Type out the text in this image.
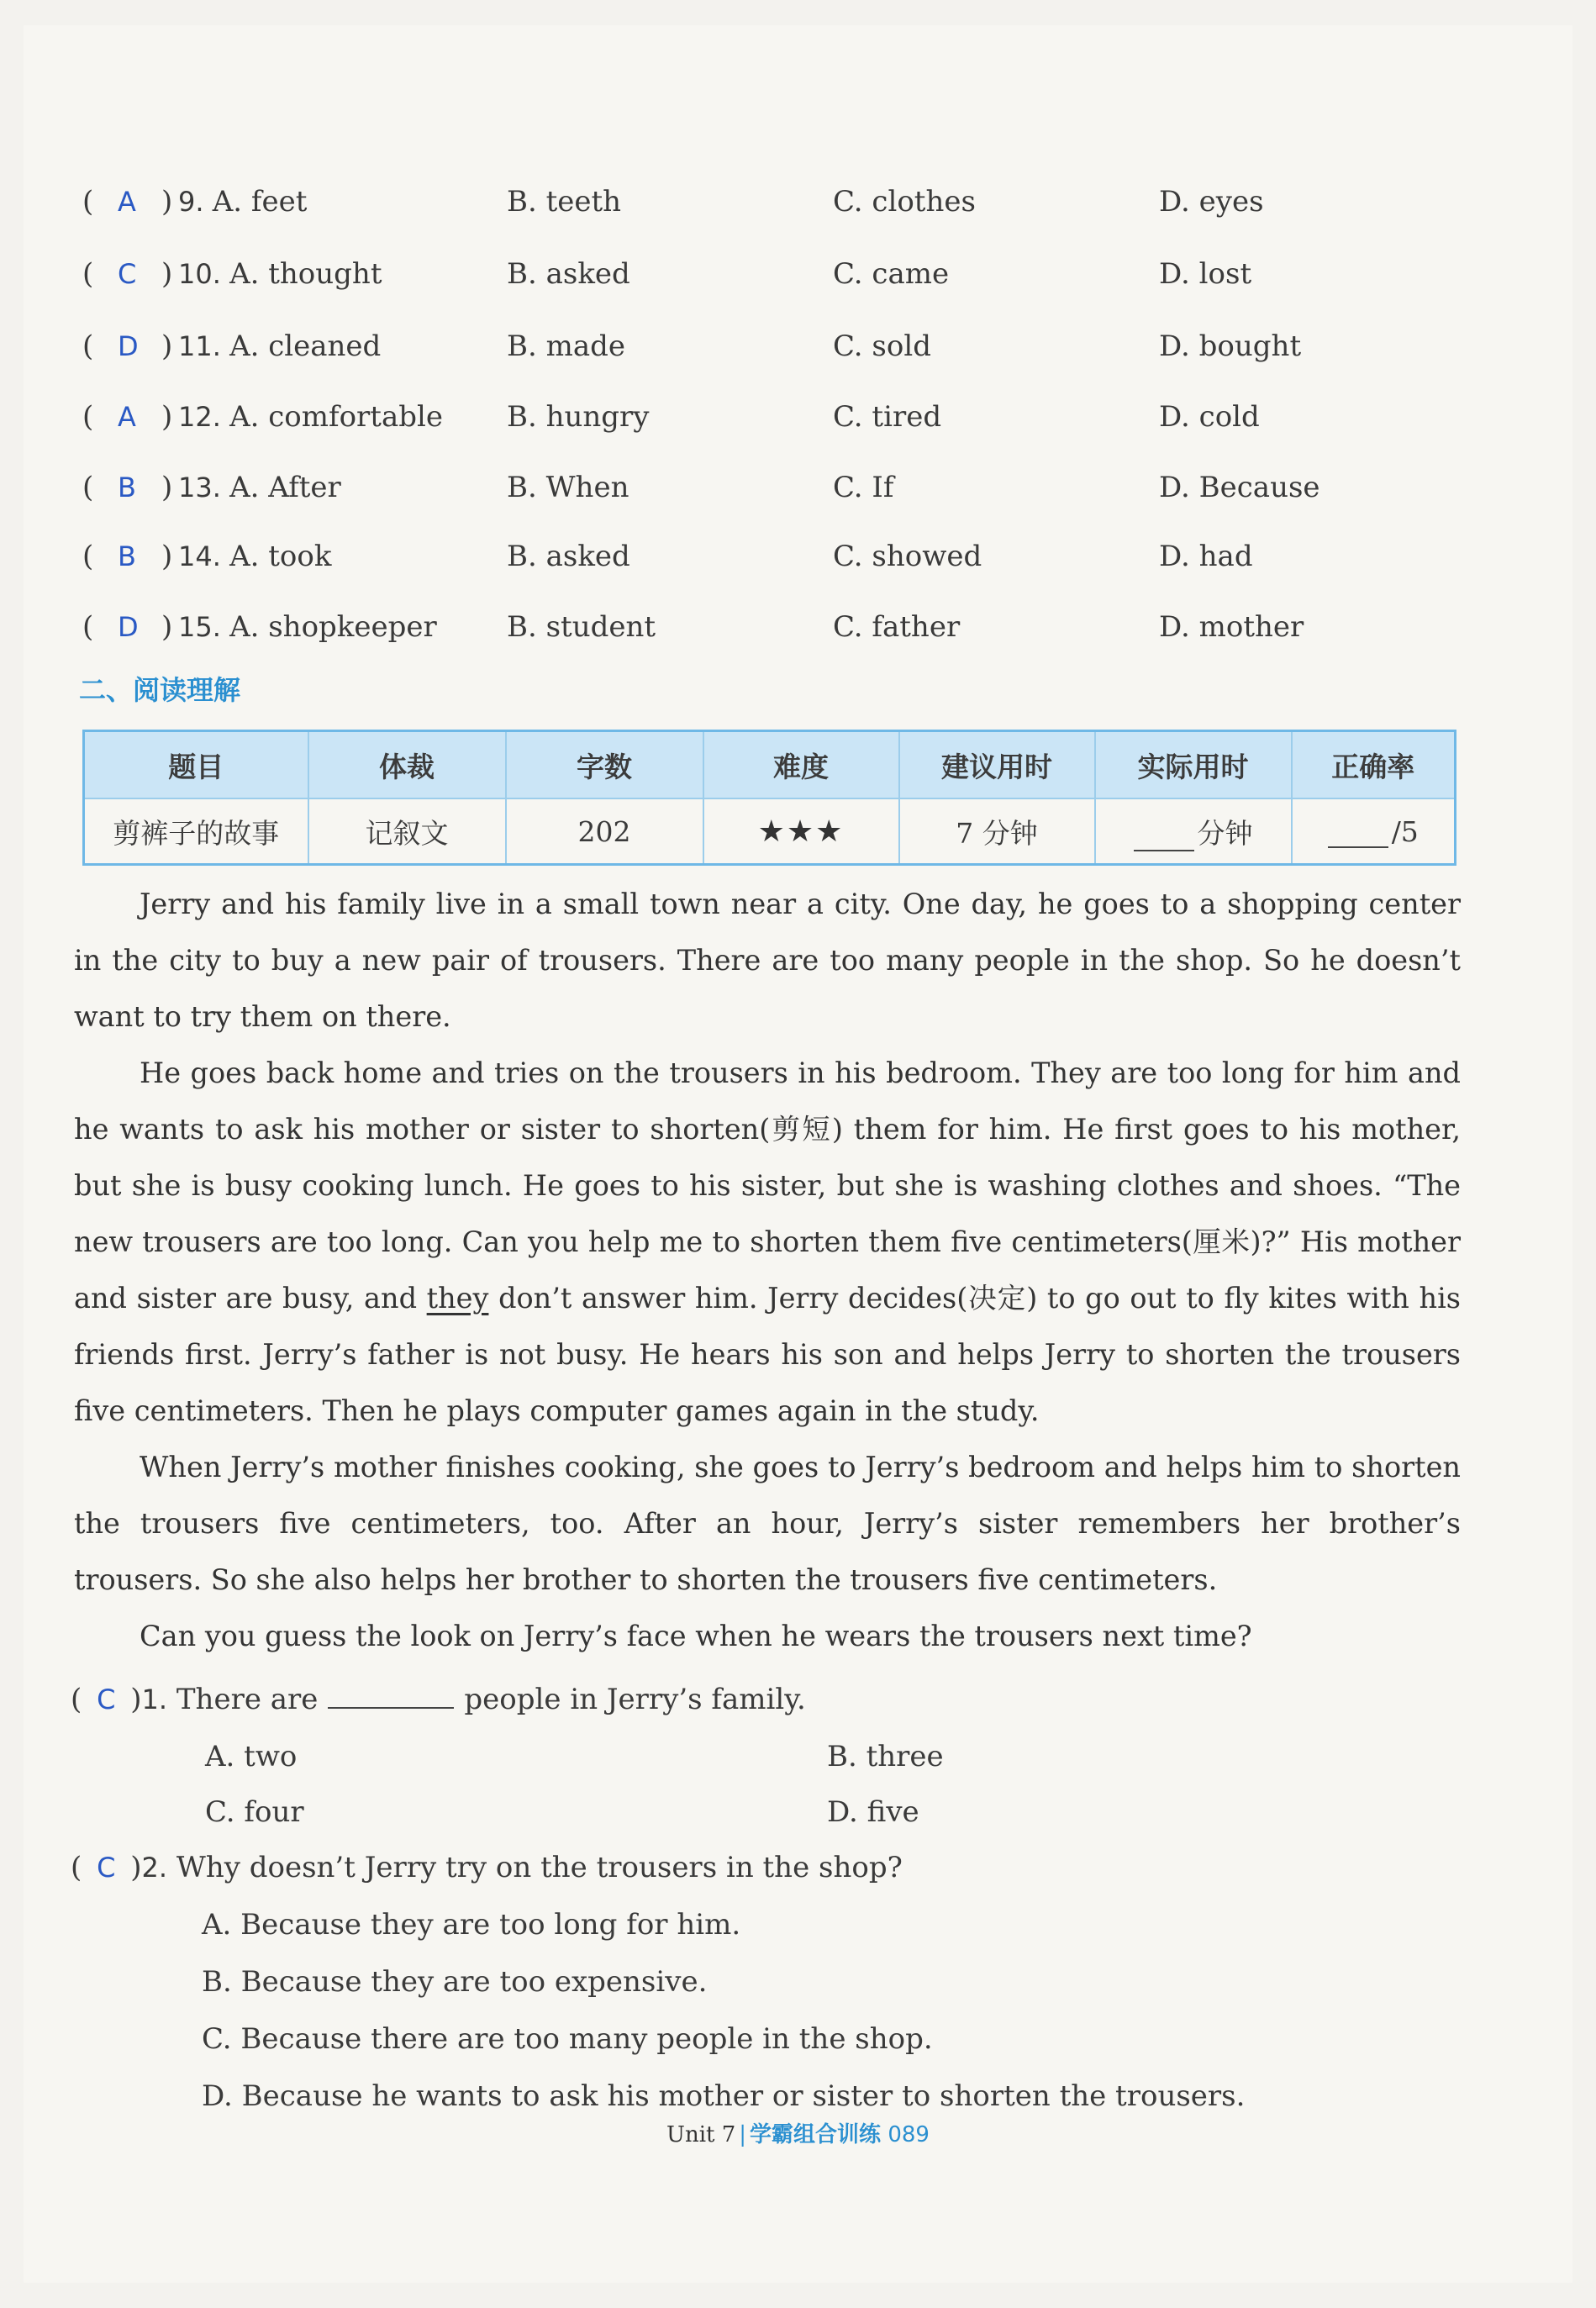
( A ) 9. A. feet	B. teeth	C. clothes	D. eyes
( C ) 10. A. thought	B. asked	C. came	D. lost
( D ) 11. A. cleaned	B. made	C. sold	D. bought
( A ) 12. A. comfortable B. hungry	C. tired	D. cold
( B ) 13. A. After	B. When	C. If	D. Because
( B ) 14. A. took	B. asked	C. showed	D. had
( D ) 15. A. shopkeeper B. student	C. father	D. mother
二、阅读理解
题目	体裁	字数	难度	建议用时	实际用时	正确率
剪裤子的故事	记叙文	202	★★★	7 分钟	分钟	/5

Jerry and his family live in a small town near a city. One day, he goes to a shopping center in the city to buy a new pair of trousers. There are too many people in the shop. So he doesn’t want to try them on there.

He goes back home and tries on the trousers in his bedroom. They are too long for him and he wants to ask his mother or sister to shorten(剪短) them for him. He first goes to his mother, but she is busy cooking lunch. He goes to his sister, but she is washing clothes and shoes. “The new trousers are too long. Can you help me to shorten them five centimeters(厘米)?” His mother and sister are busy, and they don’t answer him. Jerry decides(决定) to go out to fly kites with his friends first. Jerry’s father is not busy. He hears his son and helps Jerry to shorten the trousers five centimeters. Then he plays computer games again in the study.

When Jerry’s mother finishes cooking, she goes to Jerry’s bedroom and helps him to shorten the trousers five centimeters, too. After an hour, Jerry’s sister remembers her brother’s trousers. So she also helps her brother to shorten the trousers five centimeters.

Can you guess the look on Jerry’s face when he wears the trousers next time?

( C )1. There are	people in Jerry’s family.
A. two	B. three
C. four	D. five
( C )2. Why doesn’t Jerry try on the trousers in the shop?
A. Because they are too long for him.
B. Because they are too expensive.
C. Because there are too many people in the shop.
D. Because he wants to ask his mother or sister to shorten the trousers.
Unit 7 | 学霸组合训练 089
